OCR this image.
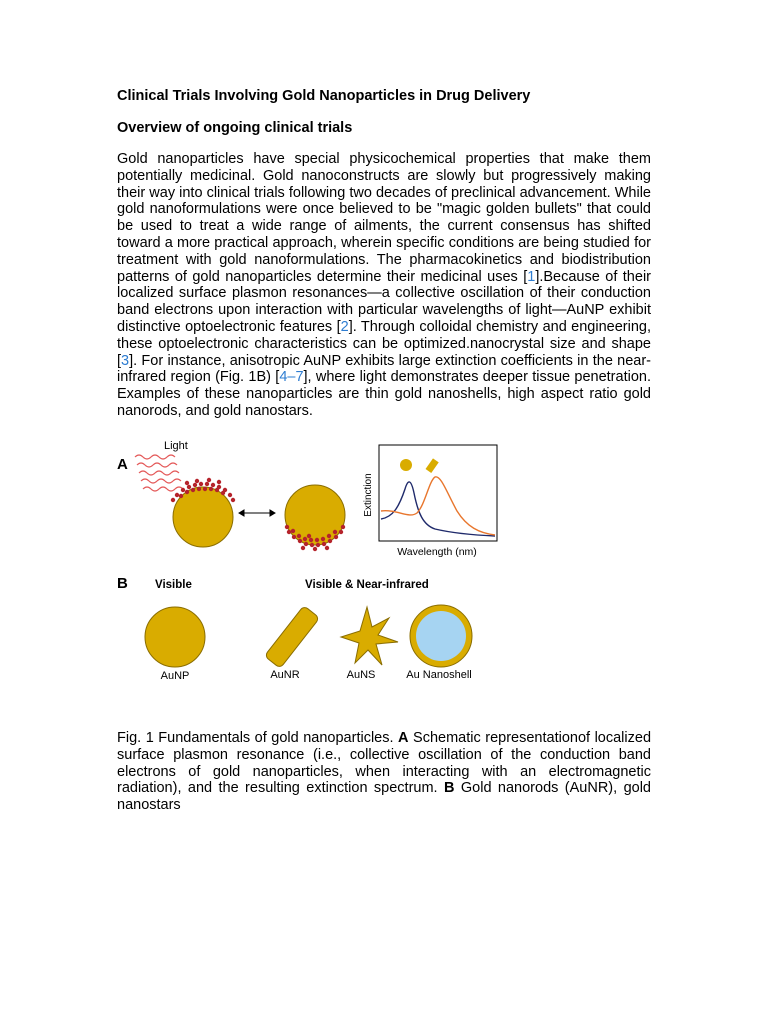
Clinical Trials Involving Gold Nanoparticles in Drug Delivery
Overview of ongoing clinical trials
Gold nanoparticles have special physicochemical properties that make them potentially medicinal. Gold nanoconstructs are slowly but progressively making their way into clinical trials following two decades of preclinical advancement. While gold nanoformulations were once believed to be "magic golden bullets" that could be used to treat a wide range of ailments, the current consensus has shifted toward a more practical approach, wherein specific conditions are being studied for treatment with gold nanoformulations. The pharmacokinetics and biodistribution patterns of gold nanoparticles determine their medicinal uses [1].Because of their localized surface plasmon resonances—a collective oscillation of their conduction band electrons upon interaction with particular wavelengths of light—AuNP exhibit distinctive optoelectronic features [2]. Through colloidal chemistry and engineering, these optoelectronic characteristics can be optimized.nanocrystal size and shape [3]. For instance, anisotropic AuNP exhibits large extinction coefficients in the near-infrared region (Fig. 1B) [4–7], where light demonstrates deeper tissue penetration. Examples of these nanoparticles are thin gold nanoshells, high aspect ratio gold nanorods, and gold nanostars.
A
Light
Extinction
Wavelength (nm)
B Visible	Visible & Near-infrared
AuNP	AuNR	AuNS	Au Nanoshell
Fig. 1 Fundamentals of gold nanoparticles. A Schematic representationof localized surface plasmon resonance (i.e., collective oscillation of the conduction band electrons of gold nanoparticles, when interacting with an electromagnetic radiation), and the resulting extinction spectrum. B Gold nanorods (AuNR), gold nanostars
